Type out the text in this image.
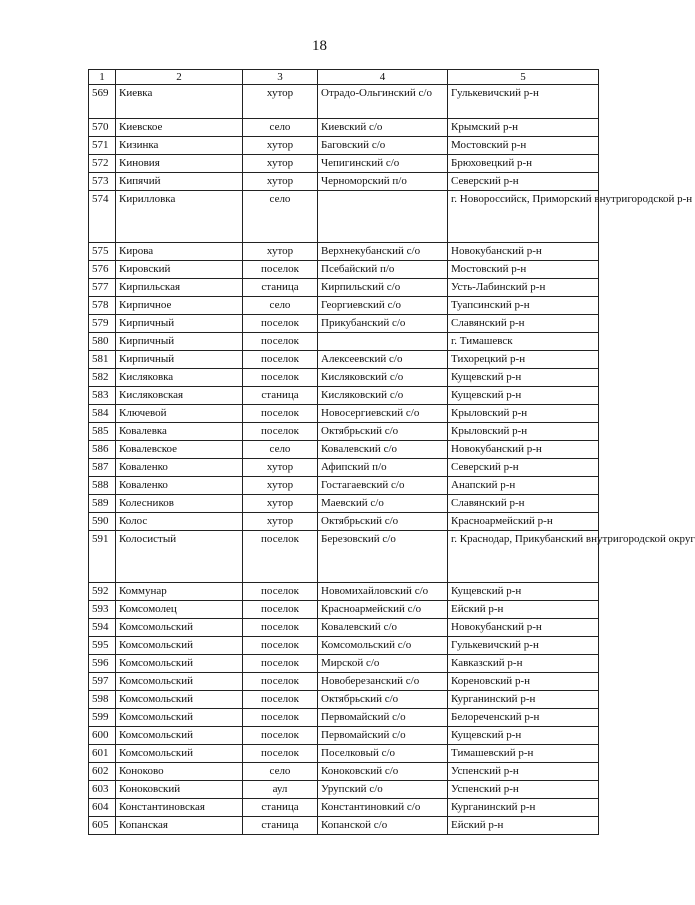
18
1	2	3	4	5
569	Киевка	хутор	Отрадо-Ольгинский с/о	Гулькевичский р-н
570	Киевское	село	Киевский с/о	Крымский р-н
571	Кизинка	хутор	Баговский с/о	Мостовский р-н
572	Киновия	хутор	Чепигинский с/о	Брюховецкий р-н
573	Кипячий	хутор	Черноморский п/о	Северский р-н
574	Кирилловка	село		г. Новороссийск, Приморский внутригородской р-н
575	Кирова	хутор	Верхнекубанский с/о	Новокубанский р-н
576	Кировский	поселок	Псебайский п/о	Мостовский р-н
577	Кирпильская	станица	Кирпильский с/о	Усть-Лабинский р-н
578	Кирпичное	село	Георгиевский с/о	Туапсинский р-н
579	Кирпичный	поселок	Прикубанский с/о	Славянский р-н
580	Кирпичный	поселок		г. Тимашевск
581	Кирпичный	поселок	Алексеевский с/о	Тихорецкий р-н
582	Кисляковка	поселок	Кисляковский с/о	Кущевский р-н
583	Кисляковская	станица	Кисляковский с/о	Кущевский р-н
584	Ключевой	поселок	Новосергиевский с/о	Крыловский р-н
585	Ковалевка	поселок	Октябрьский с/о	Крыловский р-н
586	Ковалевское	село	Ковалевский с/о	Новокубанский р-н
587	Коваленко	хутор	Афипский п/о	Северский р-н
588	Коваленко	хутор	Гостагаевский с/о	Анапский р-н
589	Колесников	хутор	Маевский с/о	Славянский р-н
590	Колос	хутор	Октябрьский с/о	Красноармейский р-н
591	Колосистый	поселок	Березовский с/о	г. Краснодар, Прикубанский внутригородской округ
592	Коммунар	поселок	Новомихайловский с/о	Кущевский р-н
593	Комсомолец	поселок	Красноармейский с/о	Ейский р-н
594	Комсомольский	поселок	Ковалевский с/о	Новокубанский р-н
595	Комсомольский	поселок	Комсомольский с/о	Гулькевичский р-н
596	Комсомольский	поселок	Мирской с/о	Кавказский р-н
597	Комсомольский	поселок	Новоберезанский с/о	Кореновский р-н
598	Комсомольский	поселок	Октябрьский с/о	Курганинский р-н
599	Комсомольский	поселок	Первомайский с/о	Белореченский р-н
600	Комсомольский	поселок	Первомайский с/о	Кущевский р-н
601	Комсомольский	поселок	Поселковый с/о	Тимашевский р-н
602	Коноково	село	Коноковский с/о	Успенский р-н
603	Коноковский	аул	Урупский с/о	Успенский р-н
604	Константиновская	станица	Константиновкий с/о	Курганинский р-н
605	Копанская	станица	Копанской с/о	Ейский р-н
